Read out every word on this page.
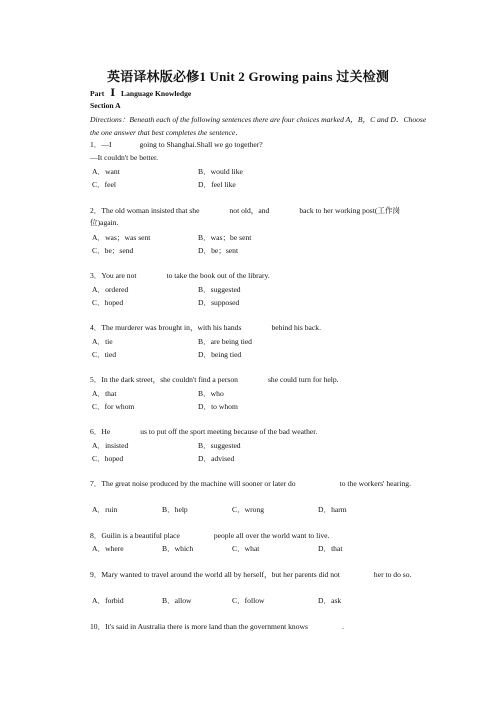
英语译林版必修1 Unit 2 Growing pains 过关检测
Part Ⅰ Language Knowledge
Section A
Directions：Beneath each of the following sentences there are four choices marked A，B，C and D．Choose the one answer that best completes the sentence．
1．—I	going to Shanghai.Shall we go together?
—It couldn't be better.
A．want	B．would like
C．feel	D．feel like
2．The old woman insisted that she	not old，and	back to her working post(工作岗位)again.
A．was；was sent	B．was；be sent
C．be；send	D．be；sent
3．You are not	to take the book out of the library.
A．ordered	B．suggested
C．hoped	D．supposed
4．The murderer was brought in，with his hands	behind his back.
A．tie	B．are being tied
C．tied	D．being tied
5．In the dark street，she couldn't find a person	she could turn for help.
A．that	B．who
C．for whom	D．to whom
6．He	us to put off the sport meeting because of the bad weather.
A．insisted	B．suggested
C．hoped	D．advised
7．The great noise produced by the machine will sooner or later do	to the workers' hearing.
A．ruin	B．help	C．wrong	D．harm
8．Guilin is a beautiful place	people all over the world want to live.
A．where	B．which	C．what	D．that
9．Mary wanted to travel around the world all by herself，but her parents did not	her to do so.
A．forbid	B．allow	C．follow	D．ask
10．It's said in Australia there is more land than the government knows	.
